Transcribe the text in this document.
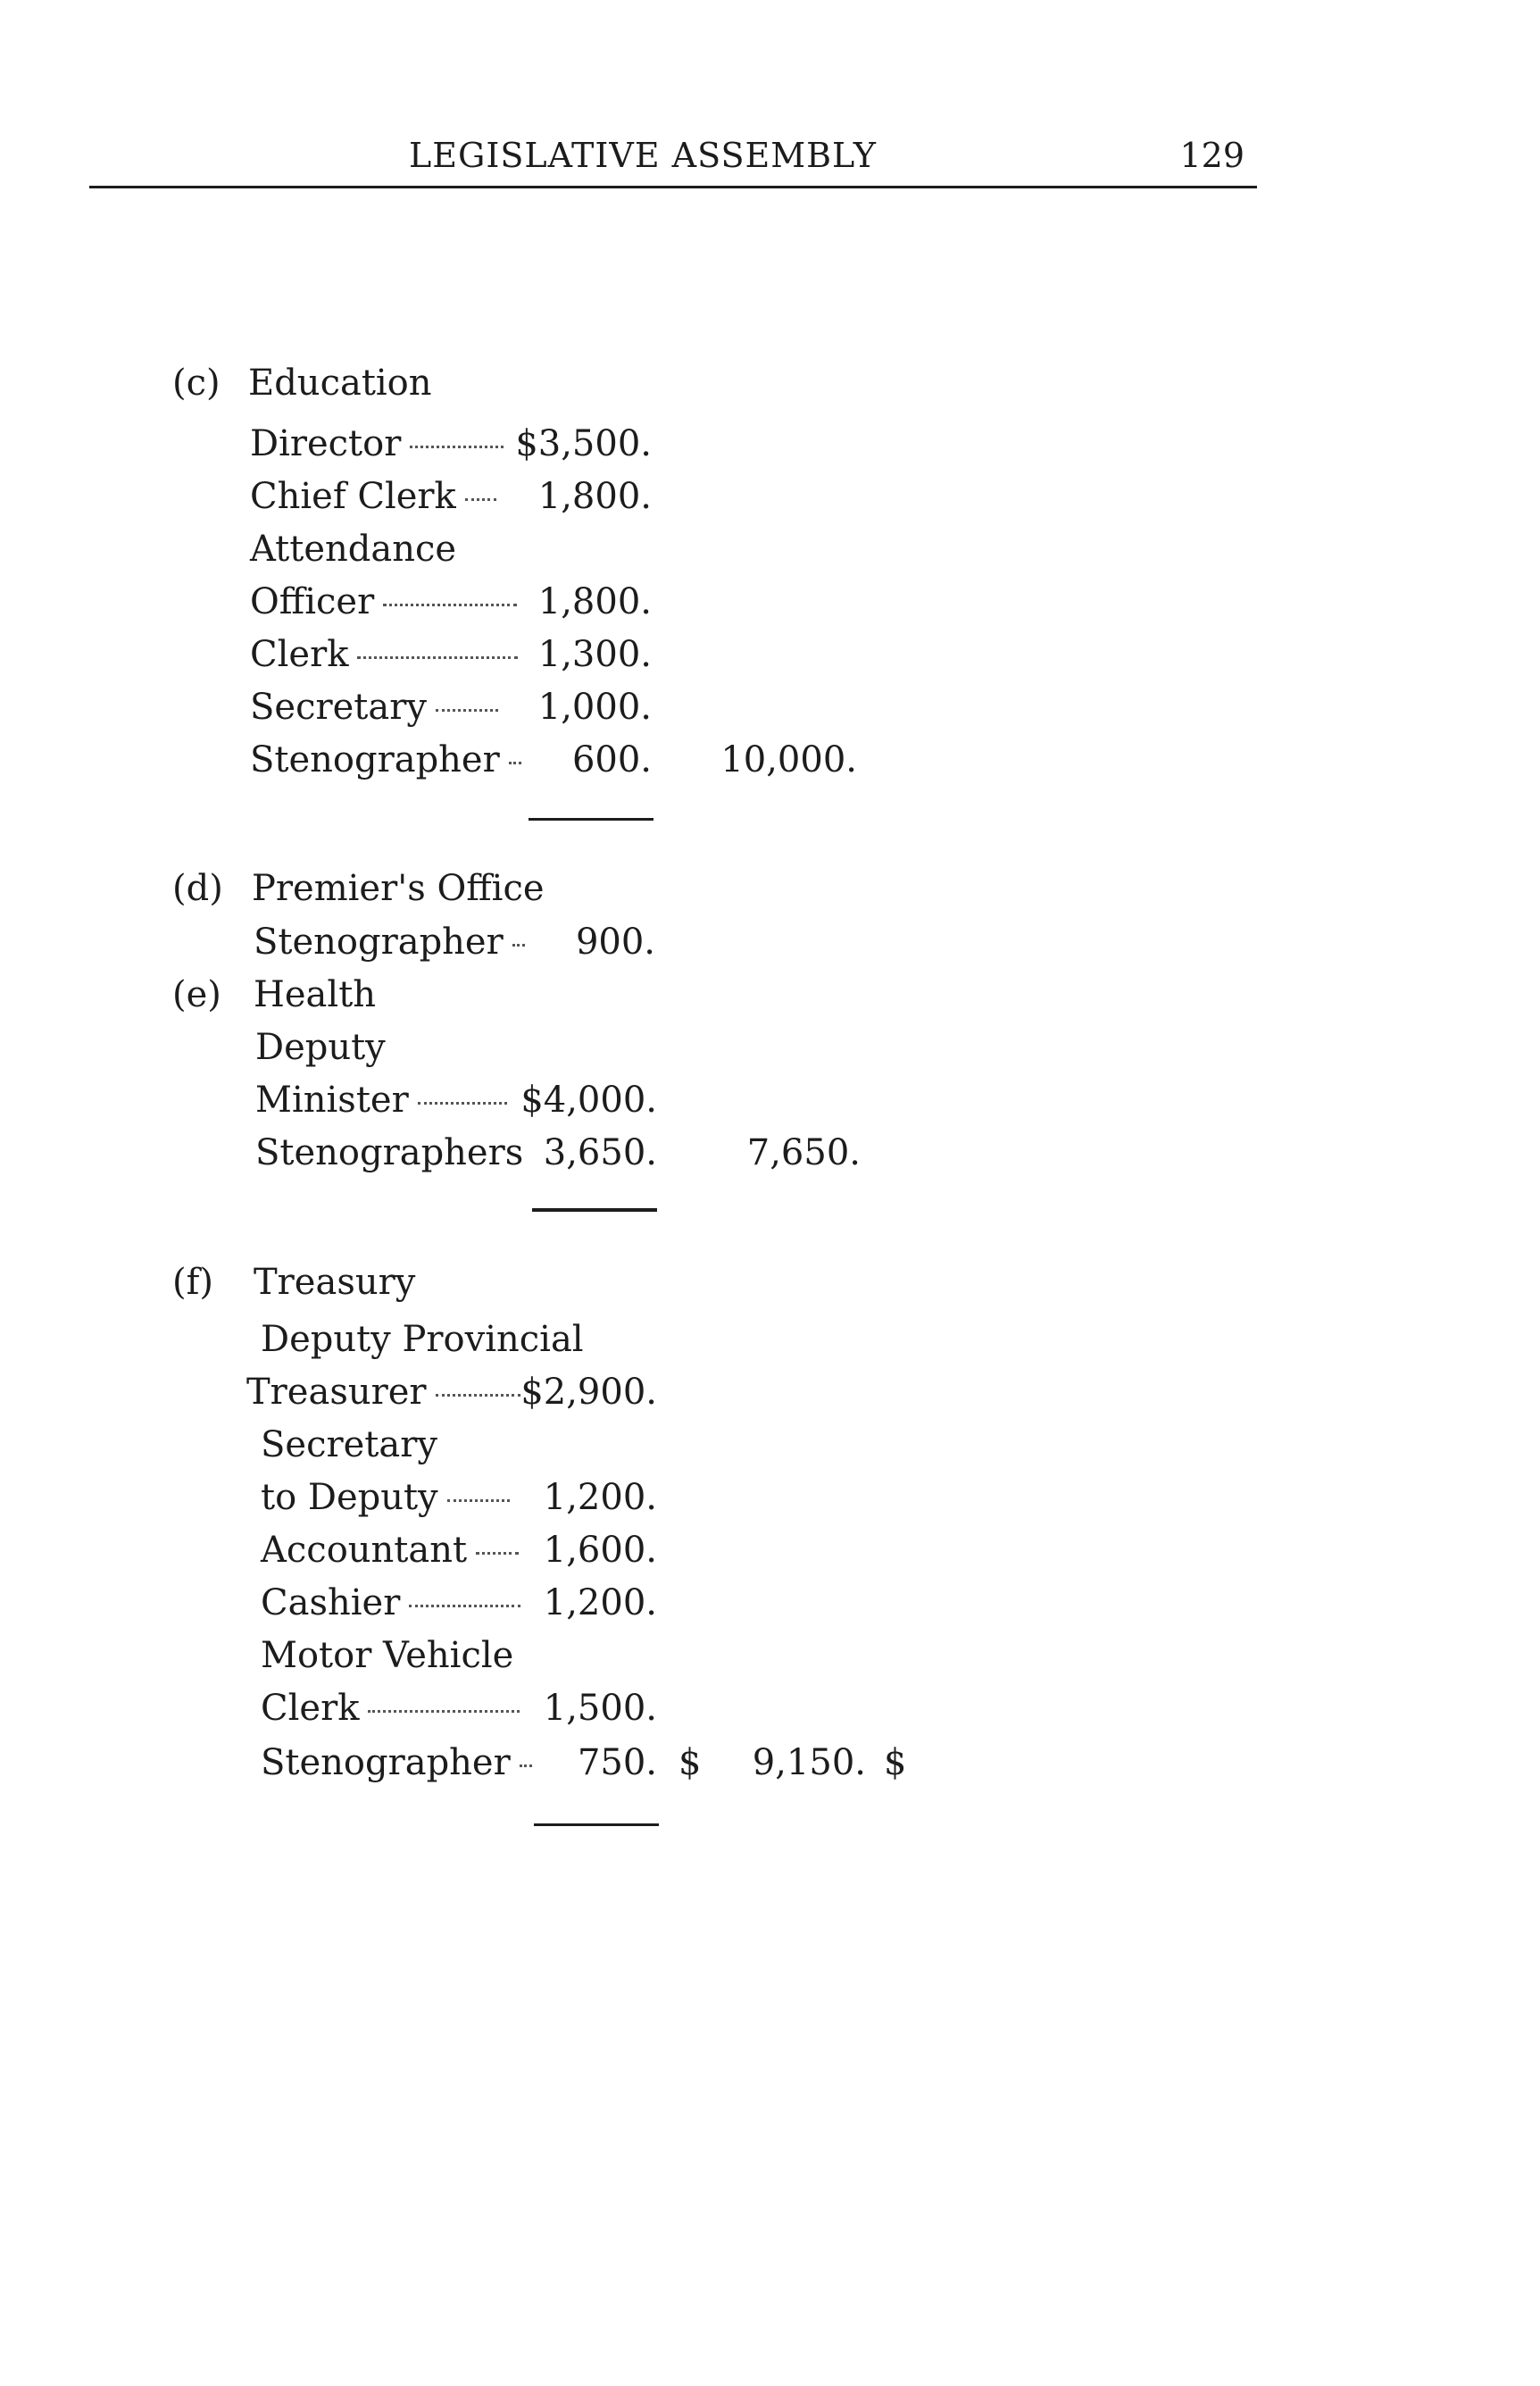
LEGISLATIVE ASSEMBLY	129
(c) Education
Director	$3,500.
Chief Clerk	1,800.
Attendance
Officer	1,800.
Clerk	1,300.
Secretary	1,000.
Stenographer	600.	10,000.
(d) Premier's Office
Stenographer	900.
(e) Health
Deputy
Minister	$4,000.
Stenographers 3,650.	7,650.
(f) Treasury
Deputy Provincial
Treasurer	$2,900.
Secretary
to Deputy	1,200.
Accountant	1,600.
Cashier	1,200.
Motor Vehicle
Clerk	1,500.
Stenographer	750. $	9,150. $
